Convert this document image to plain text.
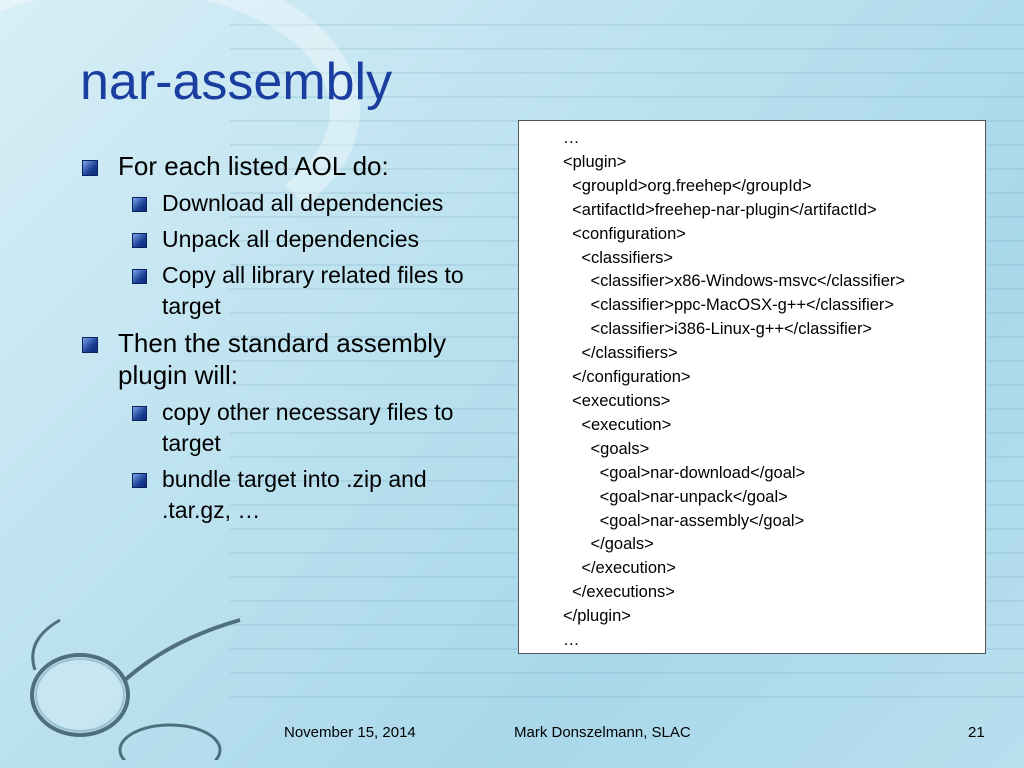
nar-assembly
For each listed AOL do:
Download all dependencies
Unpack all dependencies
Copy all library related files to target
Then the standard assembly plugin will:
copy other necessary files to target
bundle target into .zip and .tar.gz, …
…
<plugin>
<groupId>org.freehep</groupId>
<artifactId>freehep-nar-plugin</artifactId>
<configuration>
<classifiers>
<classifier>x86-Windows-msvc</classifier>
<classifier>ppc-MacOSX-g++</classifier>
<classifier>i386-Linux-g++</classifier>
</classifiers>
</configuration>
<executions>
<execution>
<goals>
<goal>nar-download</goal>
<goal>nar-unpack</goal>
<goal>nar-assembly</goal>
</goals>
</execution>
</executions>
</plugin>
…
November 15, 2014	Mark Donszelmann, SLAC	21
